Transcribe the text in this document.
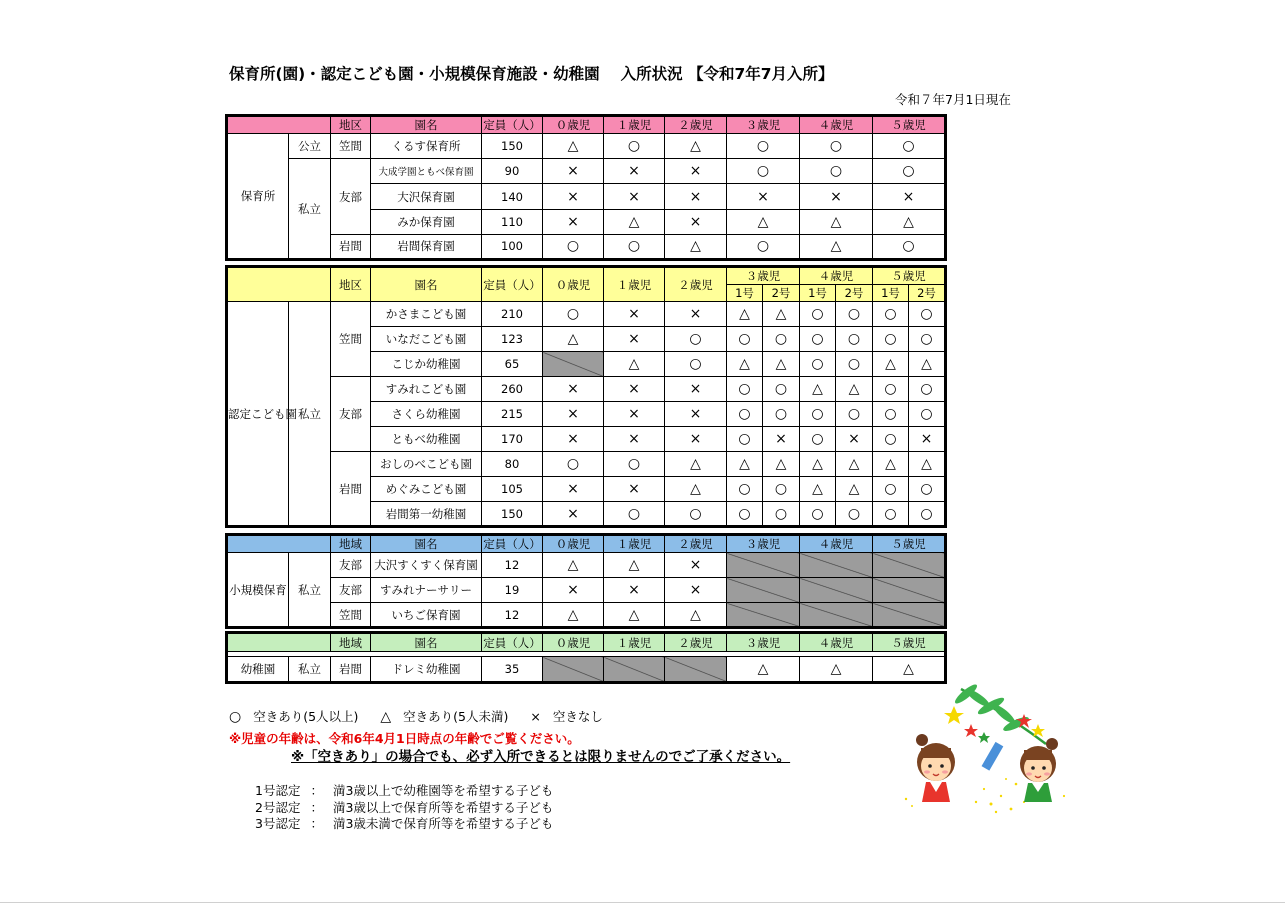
保育所(園)・認定こども園・小規模保育施設・幼稚園　 入所状況 【令和7年7月入所】
令和７年7月1日現在
		地区	園名	定員（人）	０歳児	１歳児	２歳児	３歳児	４歳児	５歳児
保育所	公立	笠間	くるす保育所	150	△	○	△	○	○	○
	私立	友部	大成学園ともべ保育園	90	×	×	×	○	○	○
			大沢保育園	140	×	×	×	×	×	×
			みか保育園	110	×	△	×	△	△	△
		岩間	岩間保育園	100	○	○	△	○	△	○
		地区	園名	定員（人）	０歳児	１歳児	２歳児	３歳児		４歳児		５歳児	
								1号	2号	1号	2号	1号	2号
認定こども園	私立	笠間	かさまこども園	210	○	×	×	△	△	○	○	○	○
			いなだこども園	123	△	×	○	○	○	○	○	○	○
			こじか幼稚園	65		△	○	△	△	○	○	△	△
		友部	すみれこども園	260	×	×	×	○	○	△	△	○	○
			さくら幼稚園	215	×	×	×	○	○	○	○	○	○
			ともべ幼稚園	170	×	×	×	○	×	○	×	○	×
		岩間	おしのべこども園	80	○	○	△	△	△	△	△	△	△
			めぐみこども園	105	×	×	△	○	○	△	△	○	○
			岩間第一幼稚園	150	×	○	○	○	○	○	○	○	○
		地域	園名	定員（人）	０歳児	１歳児	２歳児	３歳児	４歳児	５歳児
小規模保育	私立	友部	大沢すくすく保育園	12	△	△	×			
		友部	すみれナーサリー	19	×	×	×			
		笠間	いちご保育園	12	△	△	△			
		地域	園名	定員（人）	０歳児	１歳児	２歳児	３歳児	４歳児	５歳児

幼稚園	私立	岩間	ドレミ幼稚園	35				△	△	△
○ 空きあり(5人以上) △ 空きあり(5人未満) × 空きなし
※児童の年齢は、令和6年4月1日時点の年齢でご覧ください。
※「空きあり」の場合でも、必ず入所できるとは限りませんのでご了承ください。
1号認定 ： 満3歳以上で幼稚園等を希望する子ども
2号認定 ： 満3歳以上で保育所等を希望する子ども
3号認定 ： 満3歳未満で保育所等を希望する子ども
